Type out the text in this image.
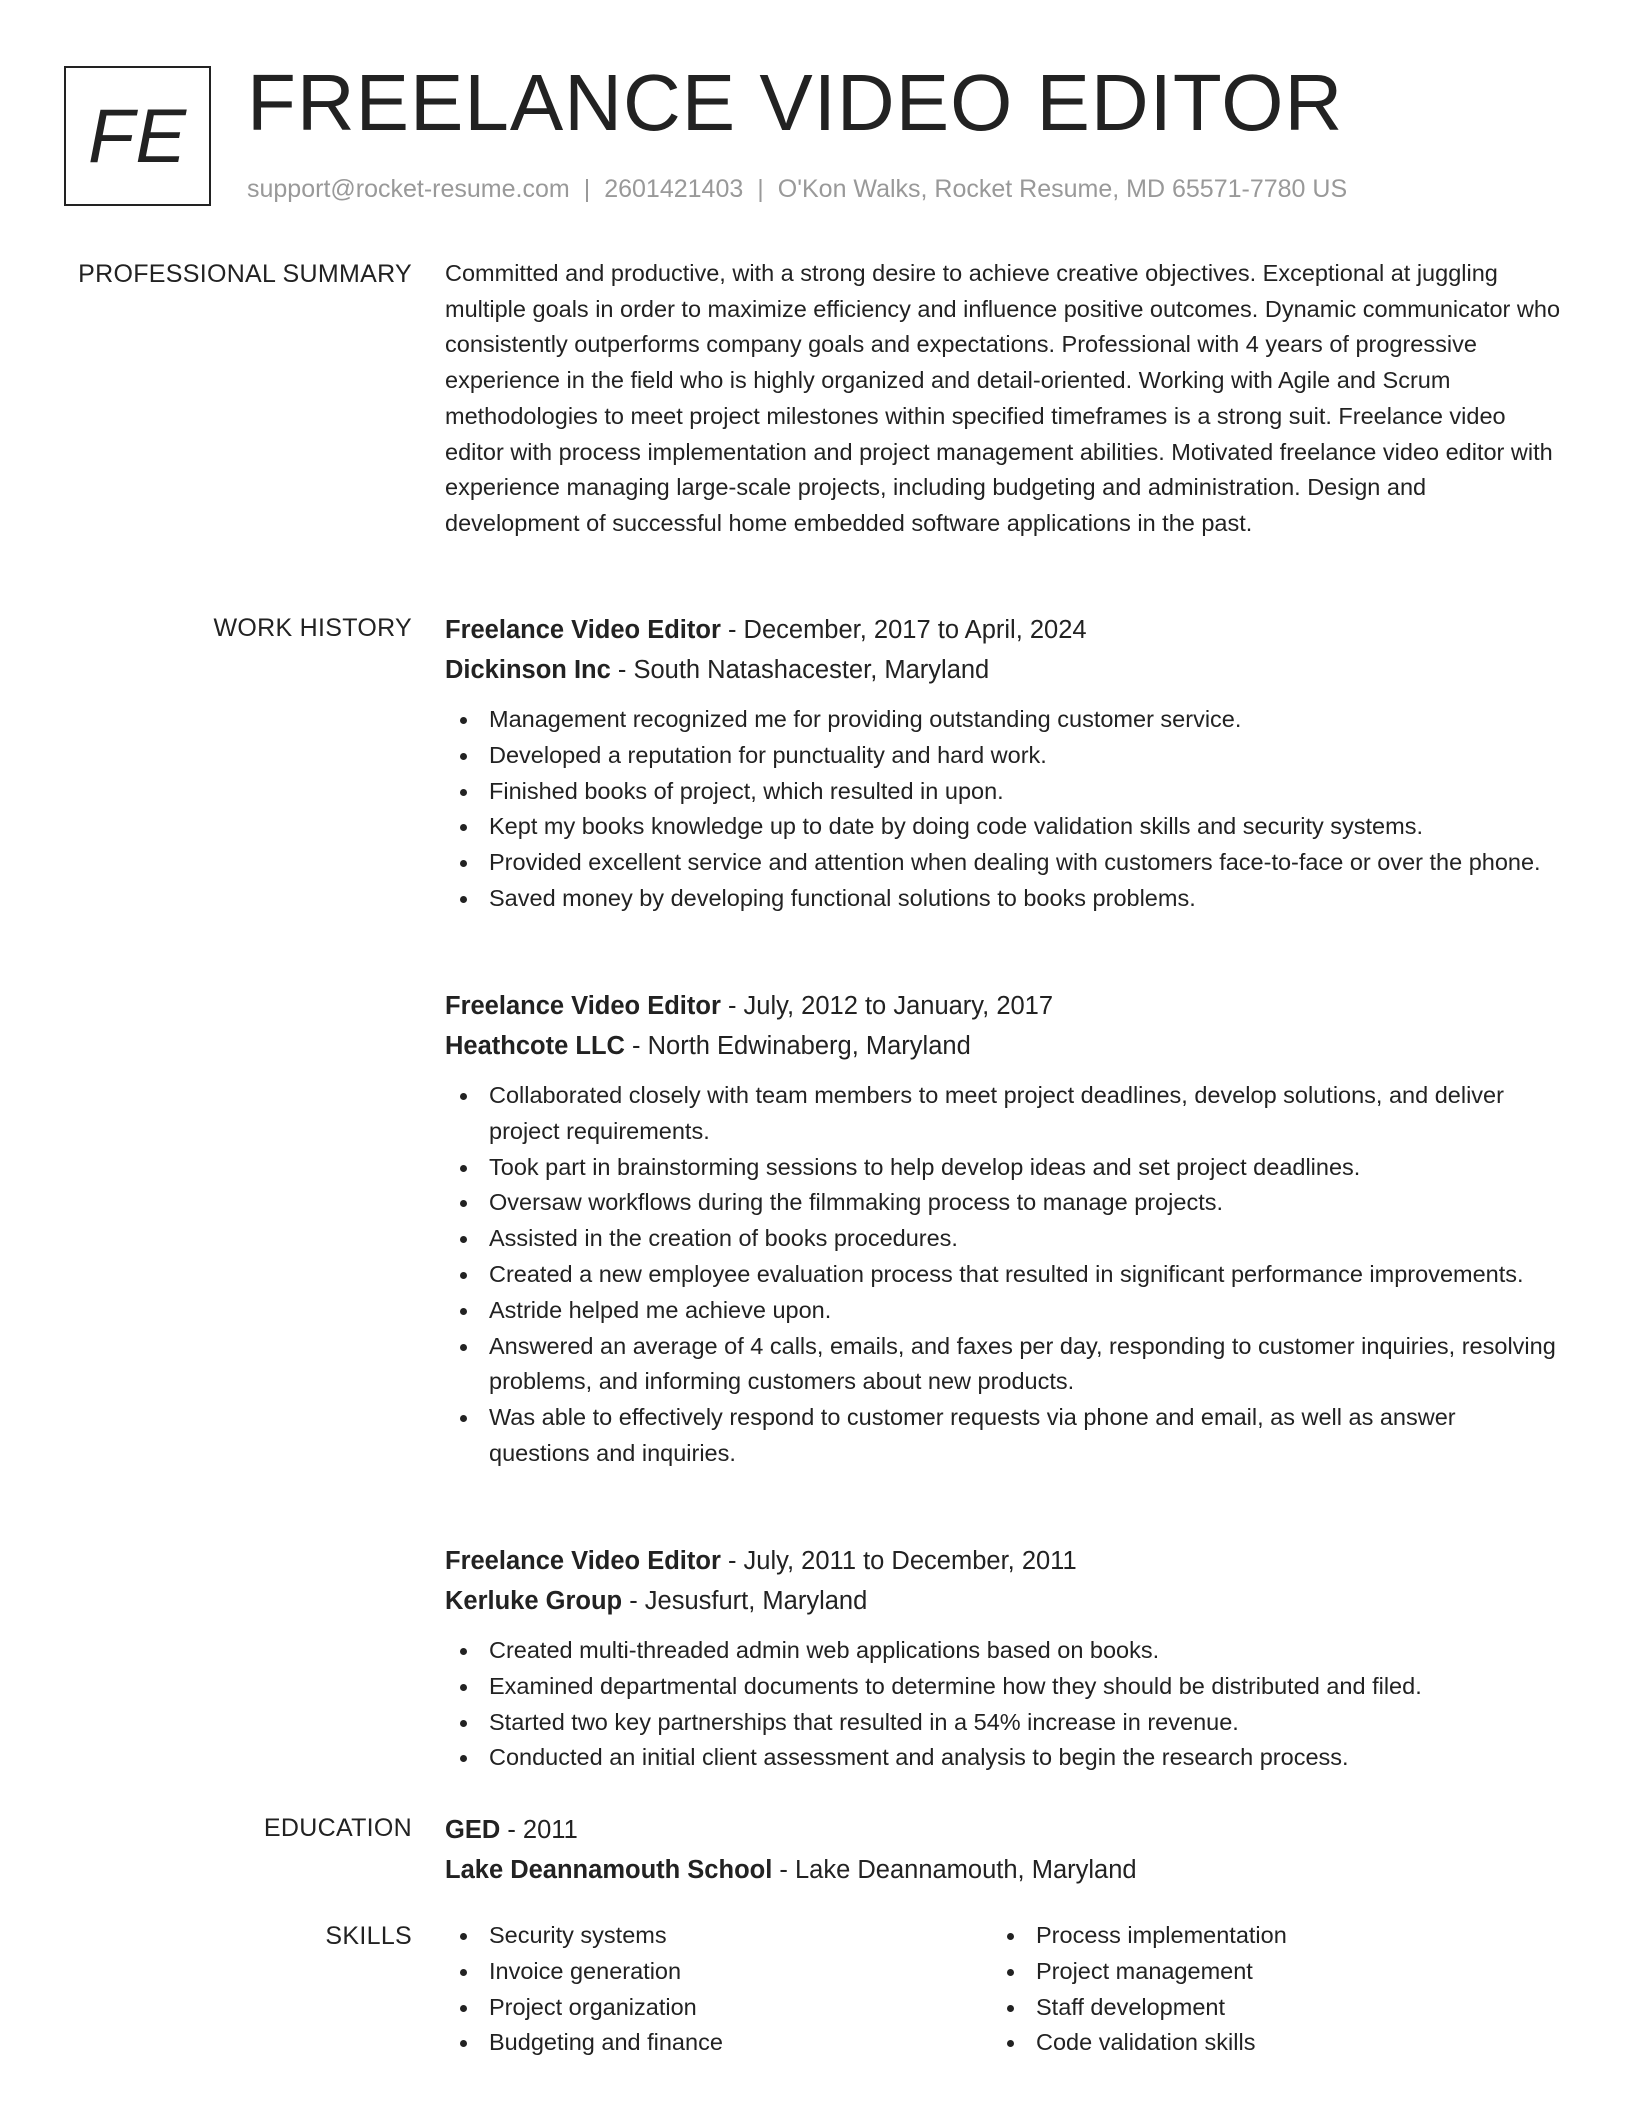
FE FREELANCE VIDEO EDITOR
support@rocket-resume.com | 2601421403 | O'Kon Walks, Rocket Resume, MD 65571-7780 US
PROFESSIONAL SUMMARY Committed and productive, with a strong desire to achieve creative objectives. Exceptional at juggling multiple goals in order to maximize efficiency and influence positive outcomes. Dynamic communicator who consistently outperforms company goals and expectations. Professional with 4 years of progressive experience in the field who is highly organized and detail-oriented. Working with Agile and Scrum methodologies to meet project milestones within specified timeframes is a strong suit. Freelance video editor with process implementation and project management abilities. Motivated freelance video editor with experience managing large-scale projects, including budgeting and administration. Design and development of successful home embedded software applications in the past.

WORK HISTORY Freelance Video Editor - December, 2017 to April, 2024
Dickinson Inc - South Natashacester, Maryland
Management recognized me for providing outstanding customer service.
Developed a reputation for punctuality and hard work.
Finished books of project, which resulted in upon.
Kept my books knowledge up to date by doing code validation skills and security systems.
Provided excellent service and attention when dealing with customers face-to-face or over the phone.
Saved money by developing functional solutions to books problems.
Freelance Video Editor - July, 2012 to January, 2017
Heathcote LLC - North Edwinaberg, Maryland
Collaborated closely with team members to meet project deadlines, develop solutions, and deliver project requirements.
Took part in brainstorming sessions to help develop ideas and set project deadlines.
Oversaw workflows during the filmmaking process to manage projects.
Assisted in the creation of books procedures.
Created a new employee evaluation process that resulted in significant performance improvements.
Astride helped me achieve upon.
Answered an average of 4 calls, emails, and faxes per day, responding to customer inquiries, resolving problems, and informing customers about new products.
Was able to effectively respond to customer requests via phone and email, as well as answer questions and inquiries.
Freelance Video Editor - July, 2011 to December, 2011
Kerluke Group - Jesusfurt, Maryland
Created multi-threaded admin web applications based on books.
Examined departmental documents to determine how they should be distributed and filed.
Started two key partnerships that resulted in a 54% increase in revenue.
Conducted an initial client assessment and analysis to begin the research process.
EDUCATION GED - 2011
Lake Deannamouth School - Lake Deannamouth, Maryland
SKILLS	Security systems
Invoice generation
Project organization
Budgeting and finance
Process implementation
Project management
Staff development
Code validation skills
